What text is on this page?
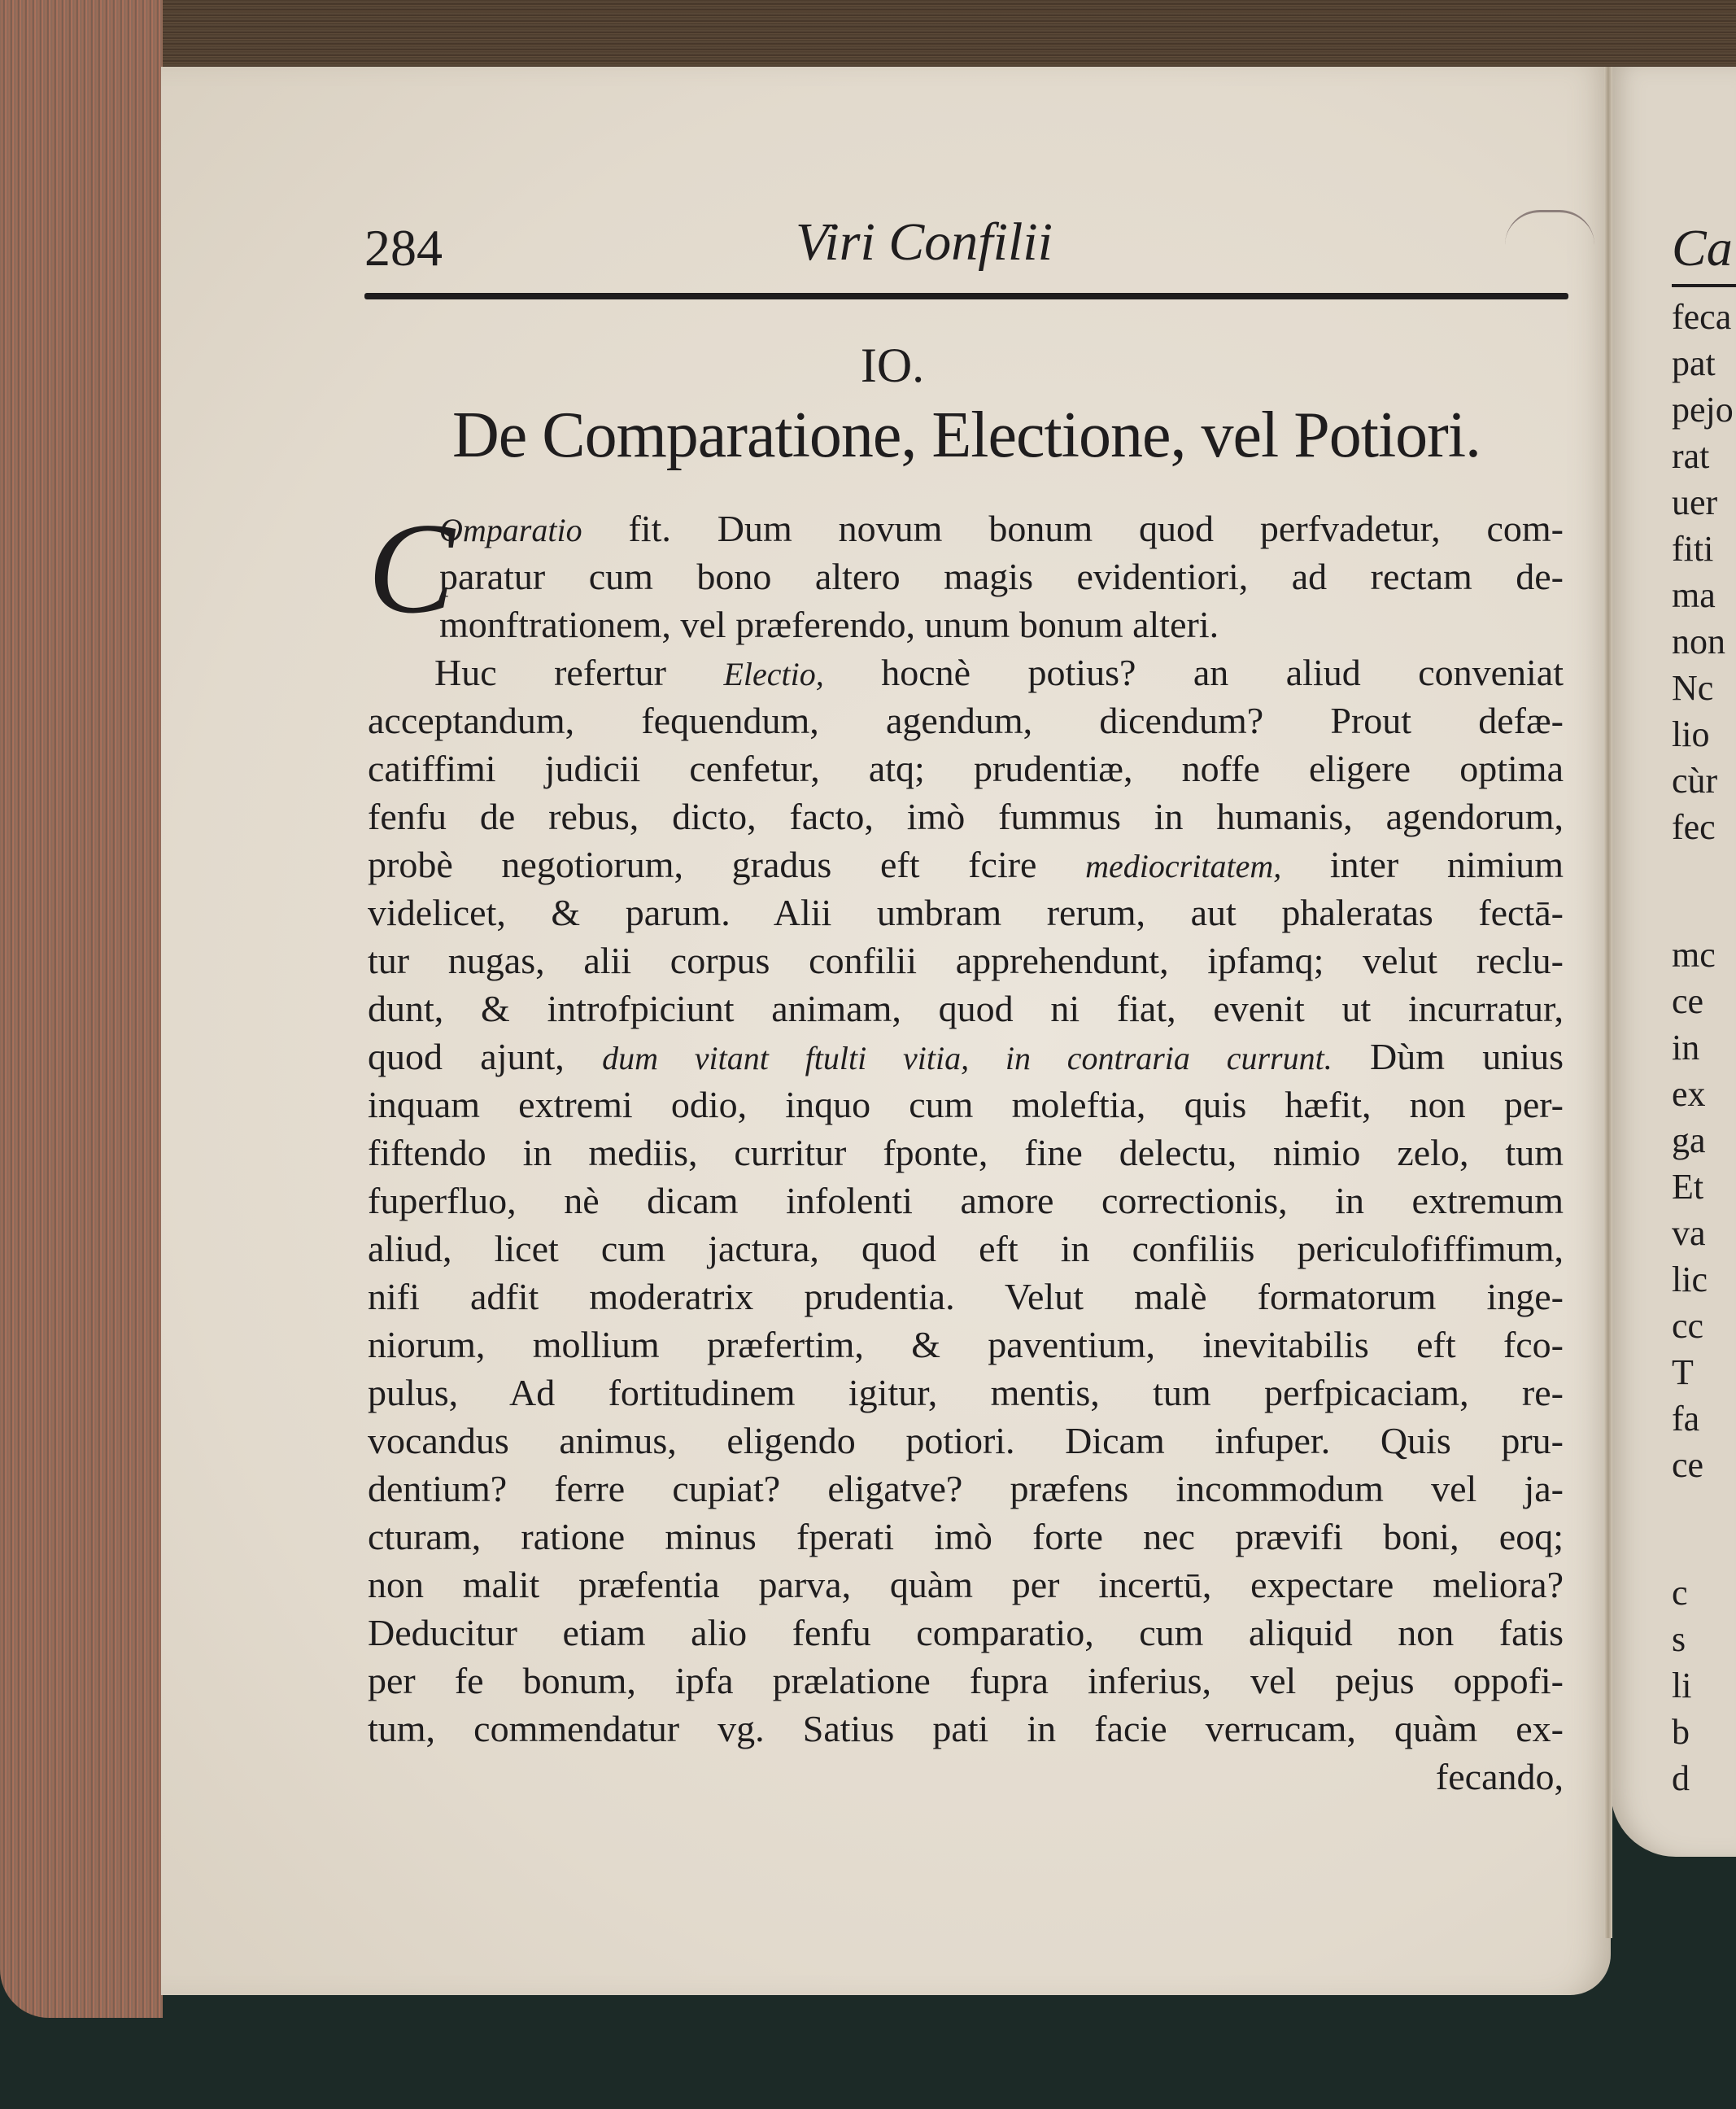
284	Viri Confilii
IO.
De Comparatione, Electione, vel Potiori.
C
Omparatio fit. Dum novum bonum quod perfvadetur, com-
paratur cum bono altero magis evidentiori, ad rectam de-
monftrationem, vel præferendo, unum bonum alteri.
Huc refertur Electio, hocnè potius? an aliud conveniat
acceptandum, fequendum, agendum, dicendum? Prout defæ-
catiffimi judicii cenfetur, atq; prudentiæ, noffe eligere optima
fenfu de rebus, dicto, facto, imò fummus in humanis, agendorum,
probè negotiorum, gradus eft fcire mediocritatem, inter nimium
videlicet, & parum. Alii umbram rerum, aut phaleratas fectā-
tur nugas, alii corpus confilii apprehendunt, ipfamq; velut reclu-
dunt, & introfpiciunt animam, quod ni fiat, evenit ut incurratur,
quod ajunt, dum vitant ftulti vitia, in contraria currunt. Dùm unius
inquam extremi odio, inquo cum moleftia, quis hæfit, non per-
fiftendo in mediis, curritur fponte, fine delectu, nimio zelo, tum
fuperfluo, nè dicam infolenti amore correctionis, in extremum
aliud, licet cum jactura, quod eft in confiliis periculofiffimum,
nifi adfit moderatrix prudentia. Velut malè formatorum inge-
niorum, mollium præfertim, & paventium, inevitabilis eft fco-
pulus, Ad fortitudinem igitur, mentis, tum perfpicaciam, re-
vocandus animus, eligendo potiori. Dicam infuper. Quis pru-
dentium? ferre cupiat? eligatve? præfens incommodum vel ja-
cturam, ratione minus fperati imò forte nec prævifi boni, eoq;
non malit præfentia parva, quàm per incertū, expectare meliora?
Deducitur etiam alio fenfu comparatio, cum aliquid non fatis
per fe bonum, ipfa prælatione fupra inferius, vel pejus oppofi-
tum, commendatur vg. Satius pati in facie verrucam, quàm ex-
fecando,
Ca
feca
pat
pejo
rat
uer
fiti
ma
non
Nc
lio
cùr
fec
mc
ce
in
ex
ga
Et
va
lic
cc
T
fa
ce
c
s
li
b
d
